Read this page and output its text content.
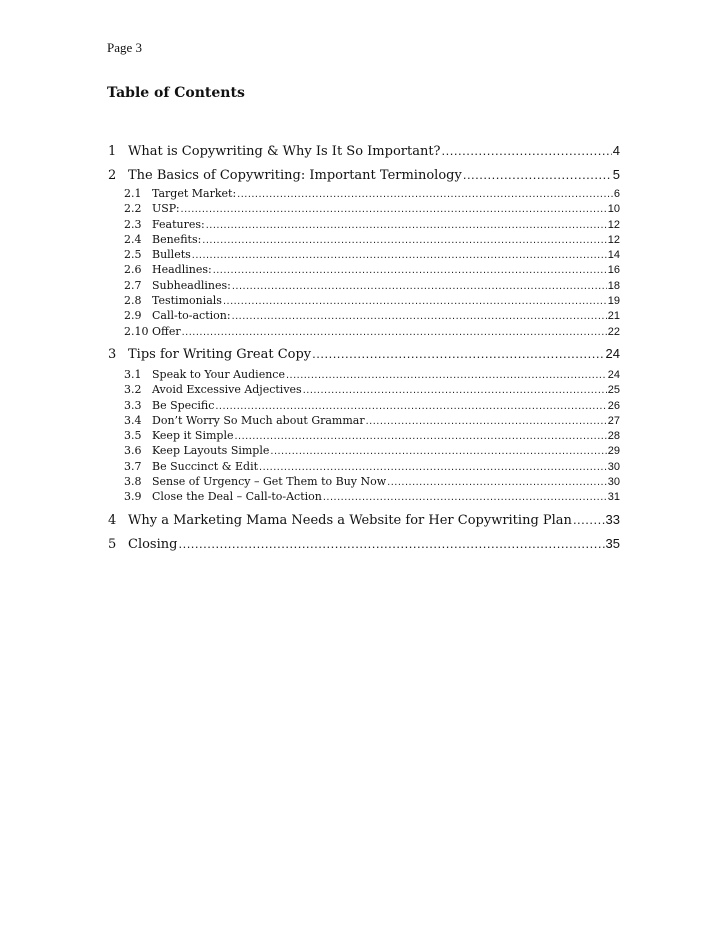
Page 3
Table of Contents
1 What is Copywriting & Why Is It So Important? .....	4
2 The Basics of Copywriting: Important Terminology .....	5
2.1 Target Market: .....	6
2.2 USP: .....	10
2.3 Features: .....	12
2.4 Benefits: .....	12
2.5 Bullets .....	14
2.6 Headlines: .....	16
2.7 Subheadlines: .....	18
2.8 Testimonials .....	19
2.9 Call-to-action: .....	21
2.10 Offer .....	22
3 Tips for Writing Great Copy .....	24
3.1 Speak to Your Audience .....	24
3.2 Avoid Excessive Adjectives .....	25
3.3 Be Specific .....	26
3.4 Don’t Worry So Much about Grammar .....	27
3.5 Keep it Simple .....	28
3.6 Keep Layouts Simple .....	29
3.7 Be Succinct & Edit .....	30
3.8 Sense of Urgency – Get Them to Buy Now .....	30
3.9 Close the Deal – Call-to-Action .....	31
4 Why a Marketing Mama Needs a Website for Her Copywriting Plan .....	33
5 Closing .....	35
